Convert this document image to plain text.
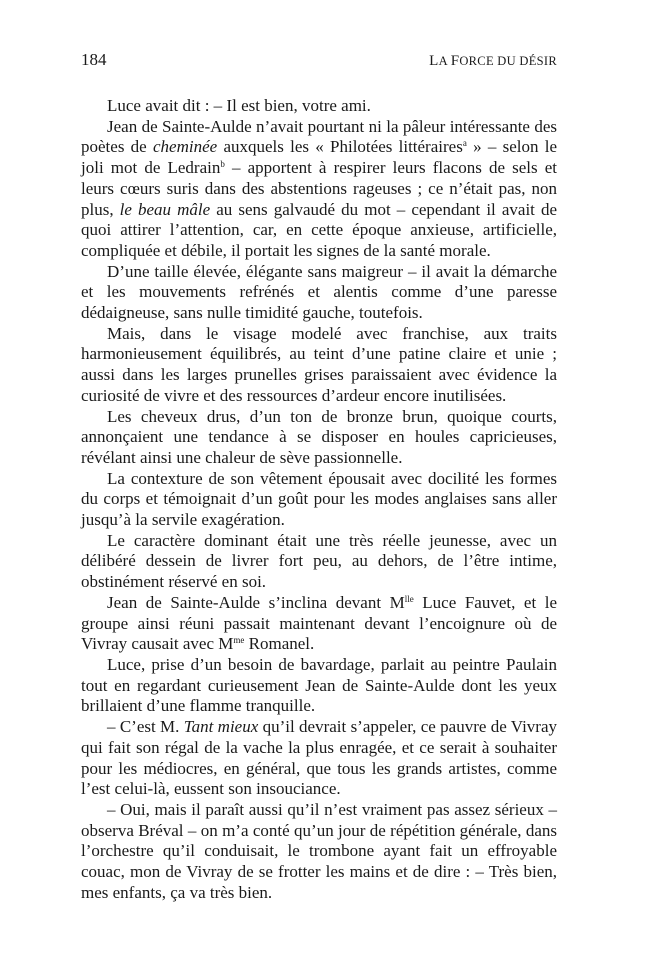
184	LA FORCE DU DÉSIR

Luce avait dit : – Il est bien, votre ami.

Jean de Sainte-Aulde n’avait pourtant ni la pâleur intéressante des poètes de cheminée auxquels les « Philotées littéraires$^a$ » – selon le joli mot de Ledrain$^b$ – apportent à respirer leurs flacons de sels et leurs cœurs suris dans des abstentions rageuses ; ce n’était pas, non plus, le beau mâle au sens galvaudé du mot – cependant il avait de quoi attirer l’attention, car, en cette époque anxieuse, artificielle, compliquée et débile, il portait les signes de la santé morale.

D’une taille élevée, élégante sans maigreur – il avait la démarche et les mouvements refrénés et alentis comme d’une paresse dédaigneuse, sans nulle timidité gauche, toutefois.

Mais, dans le visage modelé avec franchise, aux traits harmonieusement équilibrés, au teint d’une patine claire et unie ; aussi dans les larges prunelles grises paraissaient avec évidence la curiosité de vivre et des ressources d’ardeur encore inutilisées.

Les cheveux drus, d’un ton de bronze brun, quoique courts, annonçaient une tendance à se disposer en houles capricieuses, révélant ainsi une chaleur de sève passionnelle.

La contexture de son vêtement épousait avec docilité les formes du corps et témoignait d’un goût pour les modes anglaises sans aller jusqu’à la servile exagération.

Le caractère dominant était une très réelle jeunesse, avec un délibéré dessein de livrer fort peu, au dehors, de l’être intime, obstinément réservé en soi.

Jean de Sainte-Aulde s’inclina devant $M^{lle}$ Luce Fauvet, et le groupe ainsi réuni passait maintenant devant l’encoignure où de Vivray causait avec $M^{me}$ Romanel.

Luce, prise d’un besoin de bavardage, parlait au peintre Paulain tout en regardant curieusement Jean de Sainte-Aulde dont les yeux brillaient d’une flamme tranquille.

– C’est M. Tant mieux qu’il devrait s’appeler, ce pauvre de Vivray qui fait son régal de la vache la plus enragée, et ce serait à souhaiter pour les médiocres, en général, que tous les grands artistes, comme l’est celui-là, eussent son insouciance.

– Oui, mais il paraît aussi qu’il n’est vraiment pas assez sérieux – observa Bréval – on m’a conté qu’un jour de répétition générale, dans l’orchestre qu’il conduisait, le trombone ayant fait un effroyable couac, mon de Vivray de se frotter les mains et de dire : – Très bien, mes enfants, ça va très bien.
